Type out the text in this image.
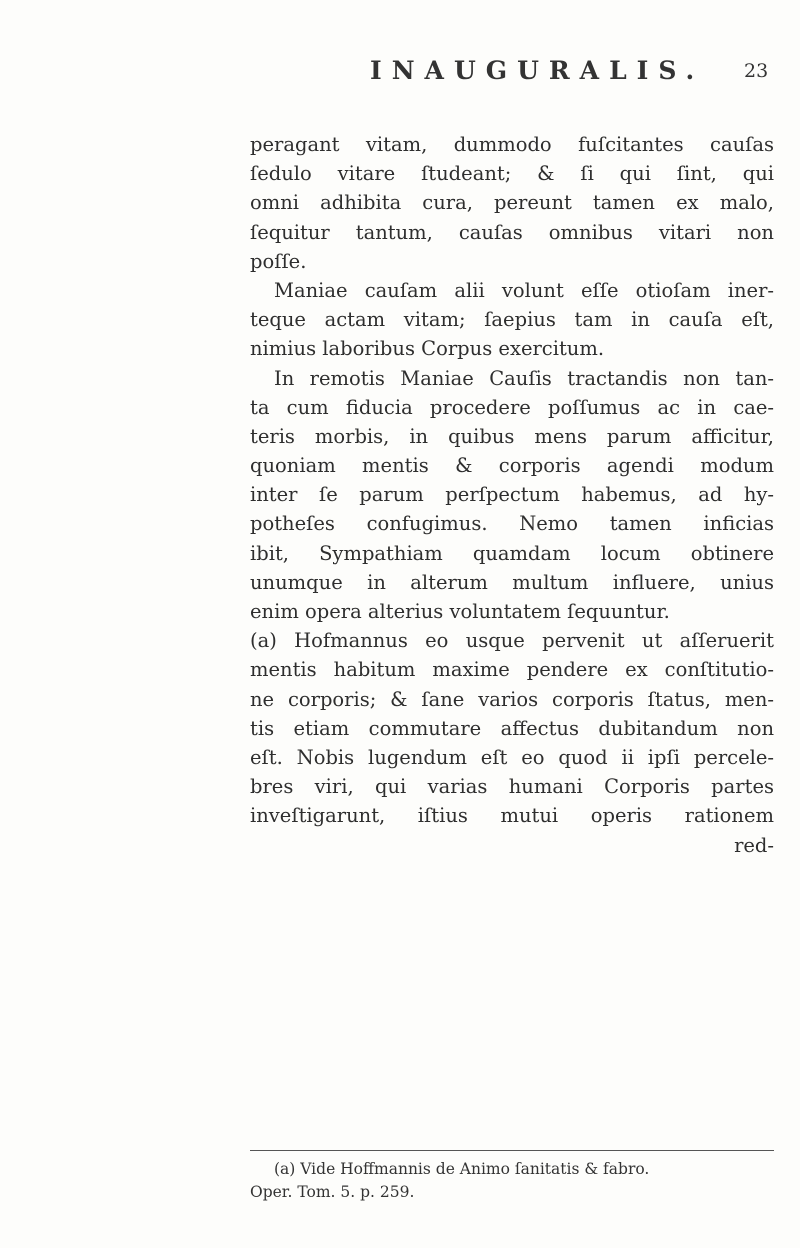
INAUGURALIS. 23
peragant vitam, dummodo fuſcitantes cauſas
ſedulo vitare ſtudeant; & ſi qui ſint, qui
omni adhibita cura, pereunt tamen ex malo,
ſequitur tantum, cauſas omnibus vitari non
poſſe.
Maniae cauſam alii volunt eſſe otioſam iner-
teque actam vitam; ſaepius tam in cauſa eſt,
nimius laboribus Corpus exercitum.
In remotis Maniae Cauſis tractandis non tan-
ta cum fiducia procedere poſſumus ac in cae-
teris morbis, in quibus mens parum afficitur,
quoniam mentis & corporis agendi modum
inter ſe parum perſpectum habemus, ad hy-
potheſes confugimus. Nemo tamen inficias
ibit, Sympathiam quamdam locum obtinere
unumque in alterum multum influere, unius
enim opera alterius voluntatem ſequuntur.
(a) Hofmannus eo usque pervenit ut aſſeruerit
mentis habitum maxime pendere ex conſtitutio-
ne corporis; & ſane varios corporis ſtatus, men-
tis etiam commutare affectus dubitandum non
eſt. Nobis lugendum eſt eo quod ii ipſi percele-
bres viri, qui varias humani Corporis partes
inveſtigarunt, iſtius mutui operis rationem
red-
(a) Vide Hoffmannis de Animo ſanitatis & fabro.
Oper. Tom. 5. p. 259.
